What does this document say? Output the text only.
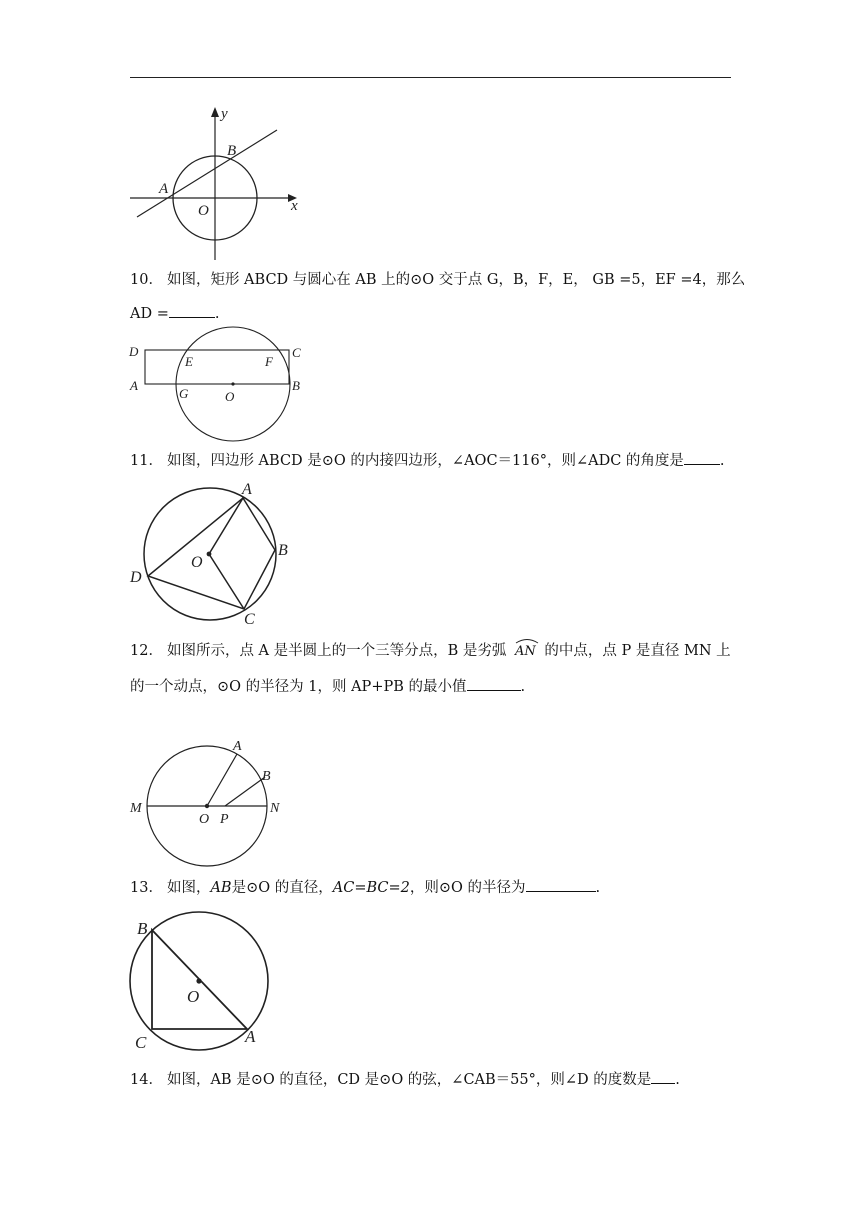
y
x
B
A
O
10． 如图，矩形 ABCD 与圆心在 AB 上的⊙O 交于点 G，B，F，E， GB =5，EF =4，那么
AD =	.
D
E	F
C
A
G	O
B
11． 如图，四边形 ABCD 是⊙O 的内接四边形，∠AOC＝116°，则∠ADC 的角度是 .
A
B
O
D
C
12． 如图所示，点 A 是半圆上的一个三等分点，B 是劣弧 AN 的中点，点 P 是直径 MN 上
的一个动点，⊙O 的半径为 1，则 AP+PB 的最小值	.
A
B
M
O P
N
13． 如图，AB是⊙O 的直径，AC=BC=2，则⊙O 的半径为	.
B
O
C	A
14． 如图，AB 是⊙O 的直径，CD 是⊙O 的弦，∠CAB＝55°，则∠D 的度数是 .
